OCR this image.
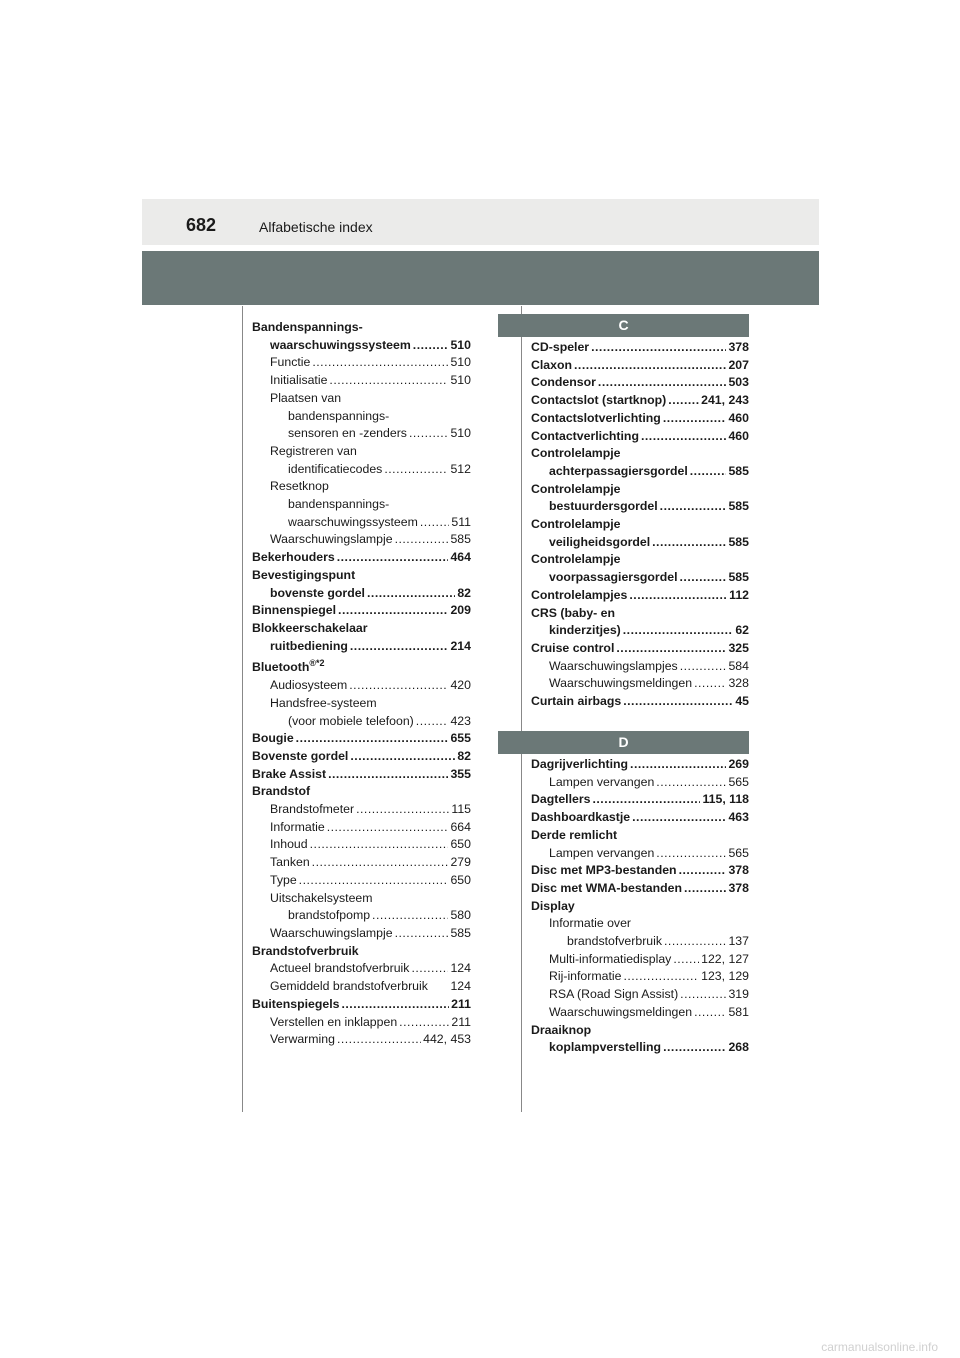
682	Alfabetische index
Bandenspannings-
waarschuwingssysteem .....	510
Functie .....	510
Initialisatie .....	510
Plaatsen van
bandenspannings-
sensoren en -zenders .....	510
Registreren van
identificatiecodes .....	512
Resetknop
bandenspannings-
waarschuwingssysteem .....	511
Waarschuwingslampje .....	585
Bekerhouders .....	464
Bevestigingspunt
bovenste gordel .....	82
Binnenspiegel .....	209
Blokkeerschakelaar
ruitbediening .....	214
Bluetooth$^{®*2}$
Audiosysteem .....	420
Handsfree-systeem
(voor mobiele telefoon) .....	423
Bougie .....	655
Bovenste gordel .....	82
Brake Assist .....	355
Brandstof
Brandstofmeter .....	115
Informatie .....	664
Inhoud .....	650
Tanken .....	279
Type .....	650
Uitschakelsysteem
brandstofpomp .....	580
Waarschuwingslampje .....	585
Brandstofverbruik
Actueel brandstofverbruik .....	124
Gemiddeld brandstofverbruik 124
Buitenspiegels .....	211
Verstellen en inklappen .....	211
Verwarming .....	442, 453
C
CD-speler .....	378
Claxon .....	207
Condensor .....	503
Contactslot (startknop) .....	241, 243
Contactslotverlichting .....	460
Contactverlichting .....	460
Controlelampje
achterpassagiersgordel .....	585
Controlelampje
bestuurdersgordel .....	585
Controlelampje
veiligheidsgordel .....	585
Controlelampje
voorpassagiersgordel .....	585
Controlelampjes .....	112
CRS (baby- en
kinderzitjes) .....	62
Cruise control .....	325
Waarschuwingslampjes .....	584
Waarschuwingsmeldingen .....	328
Curtain airbags .....	45
D
Dagrijverlichting .....	269
Lampen vervangen .....	565
Dagtellers .....	115, 118
Dashboardkastje .....	463
Derde remlicht
Lampen vervangen .....	565
Disc met MP3-bestanden .....	378
Disc met WMA-bestanden .....	378
Display
Informatie over
brandstofverbruik .....	137
Multi-informatiedisplay ..... 122, 127
Rij-informatie .....	123, 129
RSA (Road Sign Assist) .....	319
Waarschuwingsmeldingen .....	581
Draaiknop
koplampverstelling .....	268
carmanualsonline.info
